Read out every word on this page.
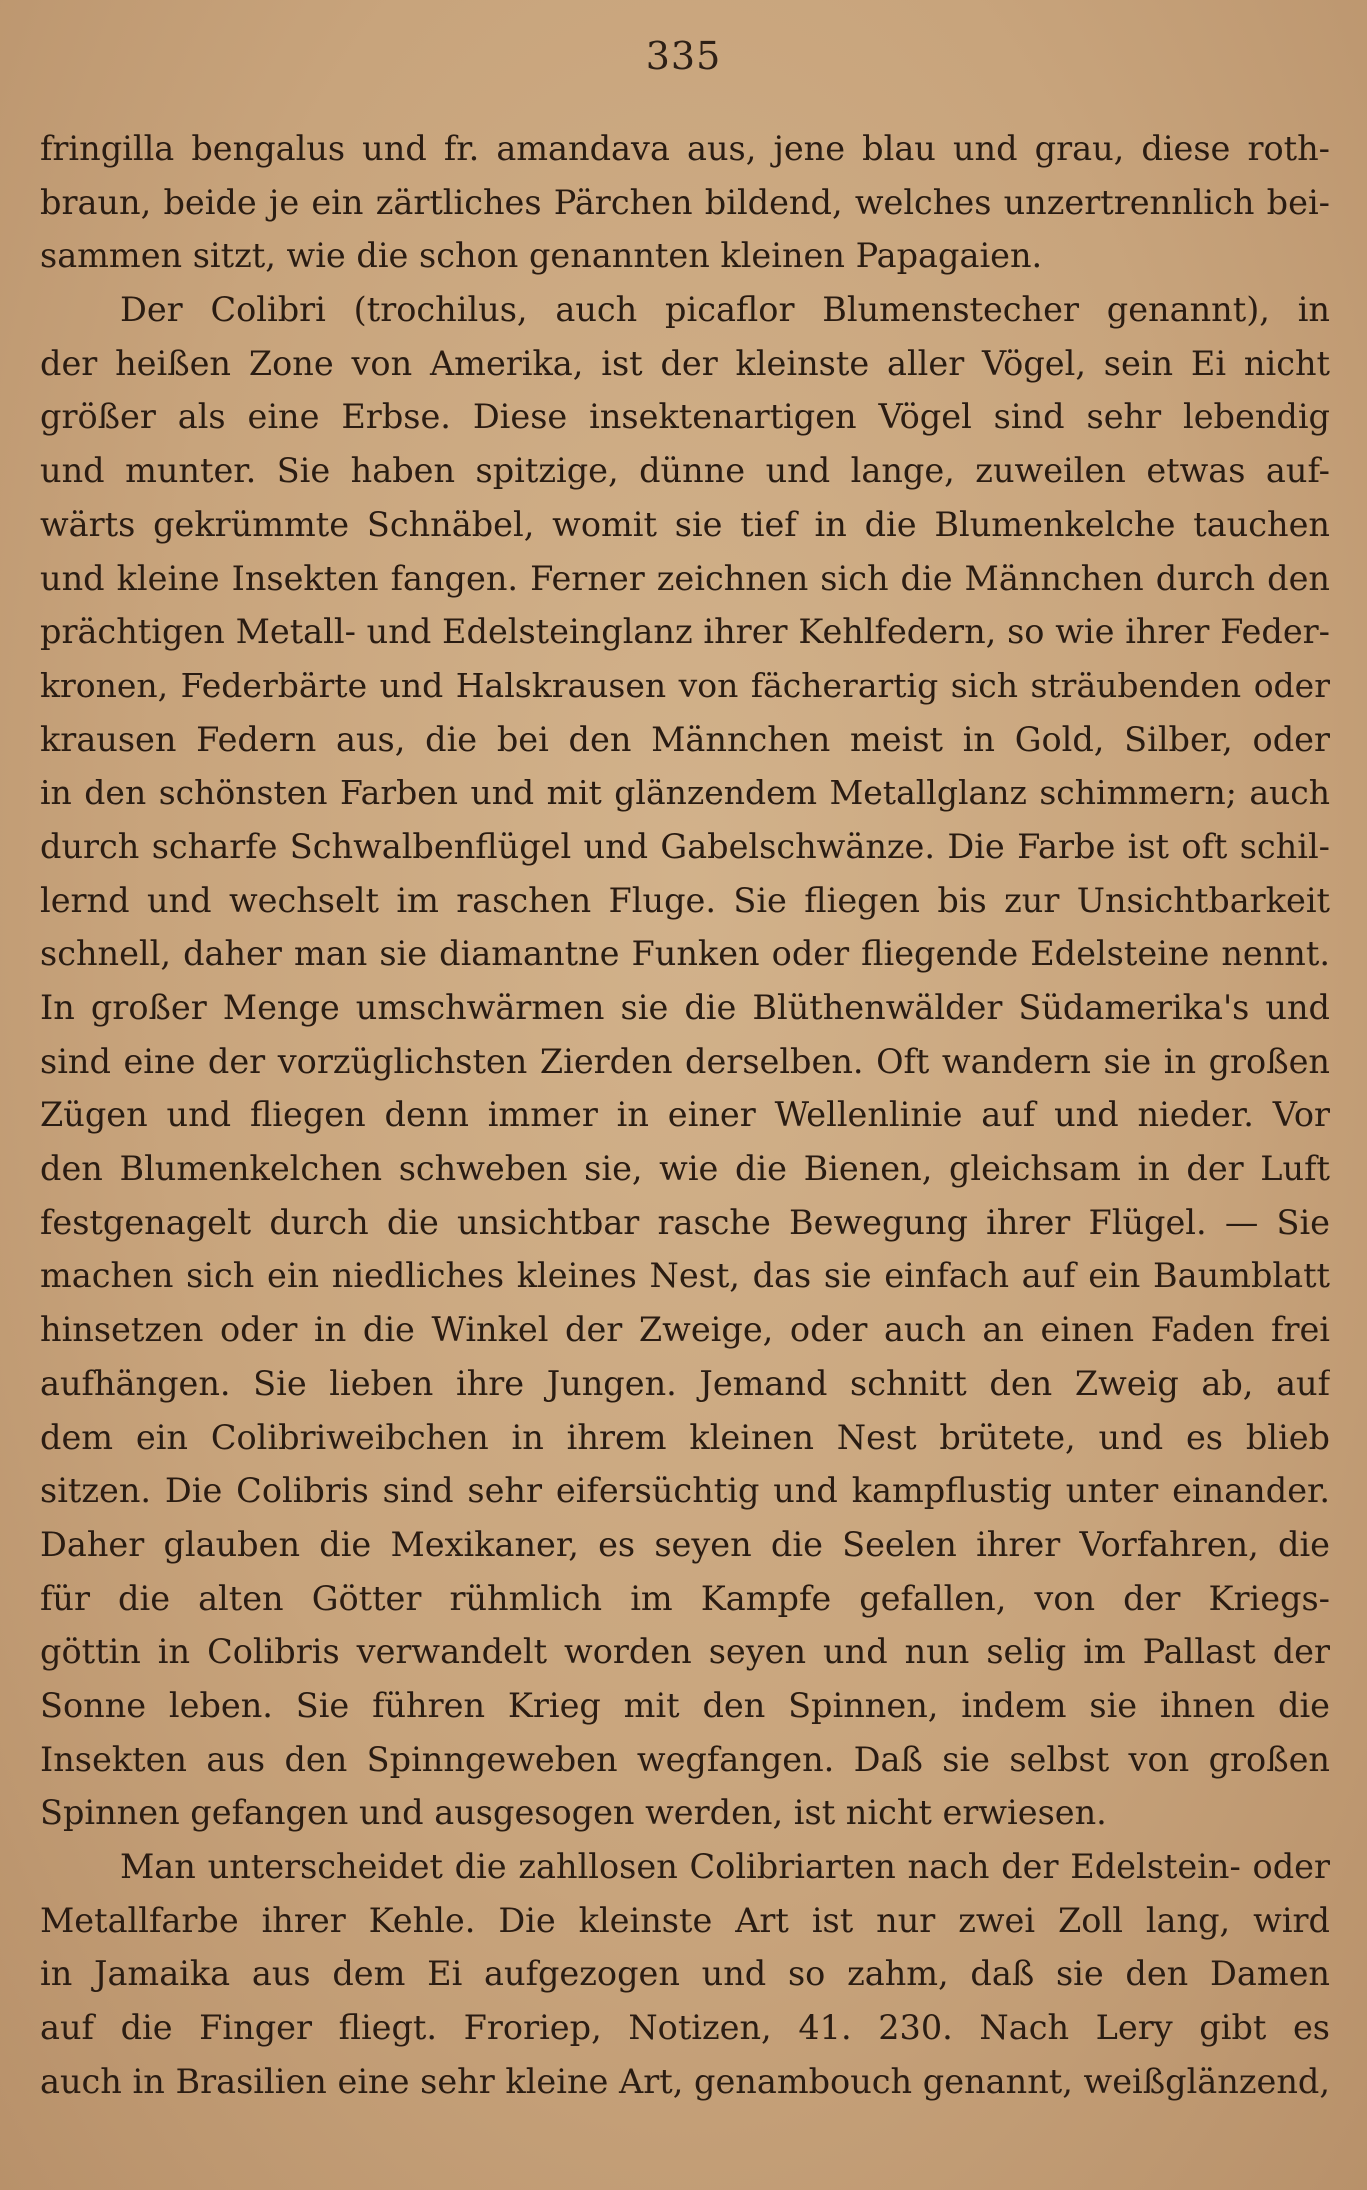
335
fringilla bengalus und fr. amandava aus, jene blau und grau, diese roth-
braun, beide je ein zärtliches Pärchen bildend, welches unzertrennlich bei-
sammen sitzt, wie die schon genannten kleinen Papagaien.
Der Colibri (trochilus, auch picaflor Blumenstecher genannt), in
der heißen Zone von Amerika, ist der kleinste aller Vögel, sein Ei nicht
größer als eine Erbse. Diese insektenartigen Vögel sind sehr lebendig
und munter. Sie haben spitzige, dünne und lange, zuweilen etwas auf-
wärts gekrümmte Schnäbel, womit sie tief in die Blumenkelche tauchen
und kleine Insekten fangen. Ferner zeichnen sich die Männchen durch den
prächtigen Metall- und Edelsteinglanz ihrer Kehlfedern, so wie ihrer Feder-
kronen, Federbärte und Halskrausen von fächerartig sich sträubenden oder
krausen Federn aus, die bei den Männchen meist in Gold, Silber, oder
in den schönsten Farben und mit glänzendem Metallglanz schimmern; auch
durch scharfe Schwalbenflügel und Gabelschwänze. Die Farbe ist oft schil-
lernd und wechselt im raschen Fluge. Sie fliegen bis zur Unsichtbarkeit
schnell, daher man sie diamantne Funken oder fliegende Edelsteine nennt.
In großer Menge umschwärmen sie die Blüthenwälder Südamerika's und
sind eine der vorzüglichsten Zierden derselben. Oft wandern sie in großen
Zügen und fliegen denn immer in einer Wellenlinie auf und nieder. Vor
den Blumenkelchen schweben sie, wie die Bienen, gleichsam in der Luft
festgenagelt durch die unsichtbar rasche Bewegung ihrer Flügel. — Sie
machen sich ein niedliches kleines Nest, das sie einfach auf ein Baumblatt
hinsetzen oder in die Winkel der Zweige, oder auch an einen Faden frei
aufhängen. Sie lieben ihre Jungen. Jemand schnitt den Zweig ab, auf
dem ein Colibriweibchen in ihrem kleinen Nest brütete, und es blieb
sitzen. Die Colibris sind sehr eifersüchtig und kampflustig unter einander.
Daher glauben die Mexikaner, es seyen die Seelen ihrer Vorfahren, die
für die alten Götter rühmlich im Kampfe gefallen, von der Kriegs-
göttin in Colibris verwandelt worden seyen und nun selig im Pallast der
Sonne leben. Sie führen Krieg mit den Spinnen, indem sie ihnen die
Insekten aus den Spinngeweben wegfangen. Daß sie selbst von großen
Spinnen gefangen und ausgesogen werden, ist nicht erwiesen.
Man unterscheidet die zahllosen Colibriarten nach der Edelstein- oder
Metallfarbe ihrer Kehle. Die kleinste Art ist nur zwei Zoll lang, wird
in Jamaika aus dem Ei aufgezogen und so zahm, daß sie den Damen
auf die Finger fliegt. Froriep, Notizen, 41. 230. Nach Lery gibt es
auch in Brasilien eine sehr kleine Art, genambouch genannt, weißglänzend,
